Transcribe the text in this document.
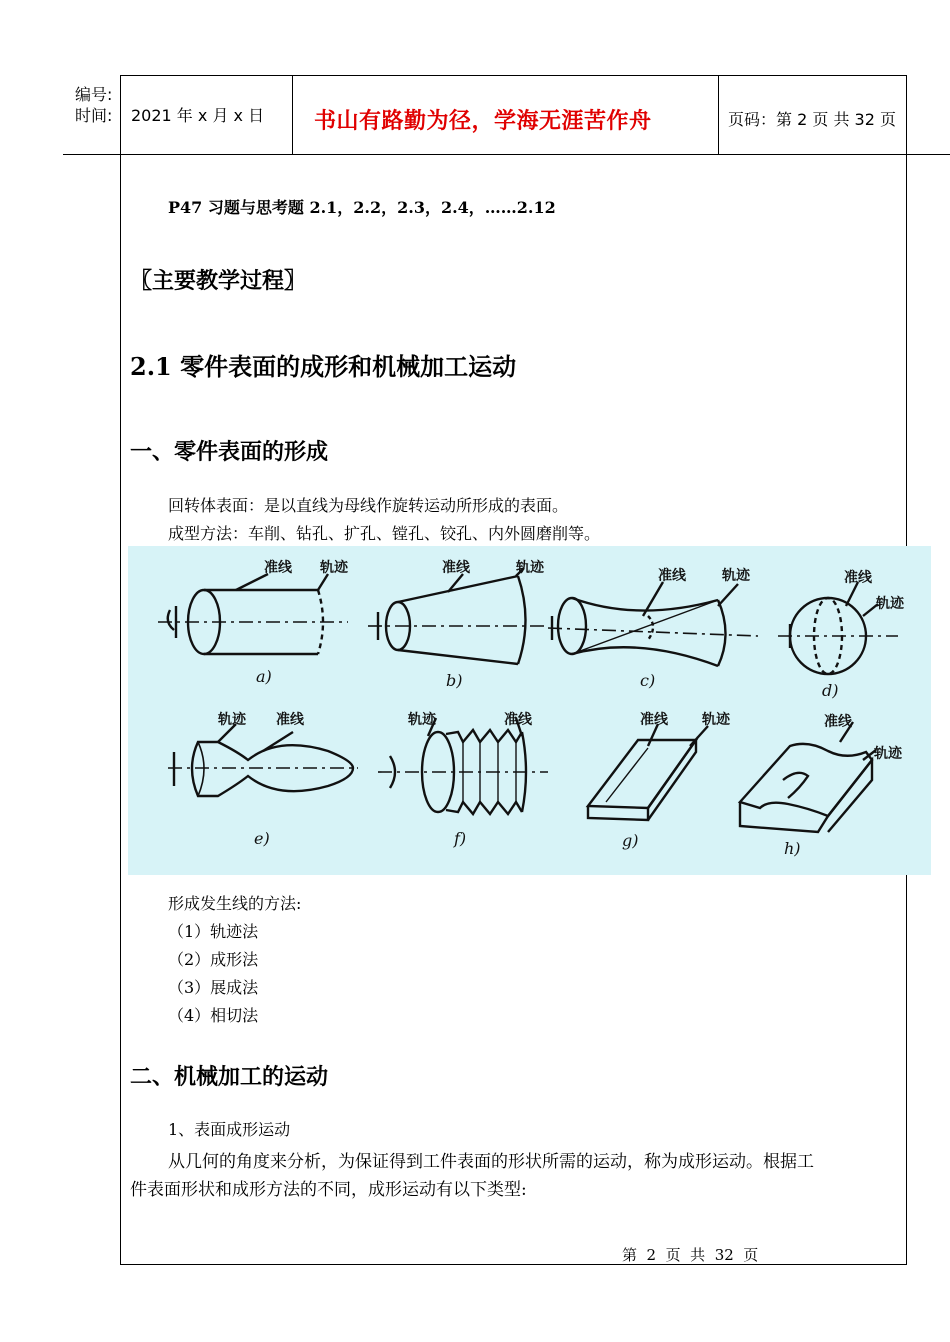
编号:
时间: 2021 年 x 月 x 日 书山有路勤为径，学海无涯苦作舟	页码：第 2 页 共 32 页
P47 习题与思考题 2.1，2.2，2.3，2.4，……2.12
〖主要教学过程〗
2.1 零件表面的成形和机械加工运动
一、零件表面的形成
回转体表面：是以直线为母线作旋转运动所形成的表面。
成型方法：车削、钻孔、扩孔、镗孔、铰孔、内外圆磨削等。
准线 轨迹	准线	轨迹	准线	轨迹	准线
轨迹
轨迹 准线	轨迹	准线	准线 轨迹	准线
轨迹
a)	b)	c)
d)
e)	f)	g)	h)
形成发生线的方法:
（1）轨迹法
（2）成形法
（3）展成法
（4）相切法
二、机械加工的运动
1、表面成形运动
从几何的角度来分析，为保证得到工件表面的形状所需的运动，称为成形运动。根据工
件表面形状和成形方法的不同，成形运动有以下类型:
第  2  页  共  32  页
